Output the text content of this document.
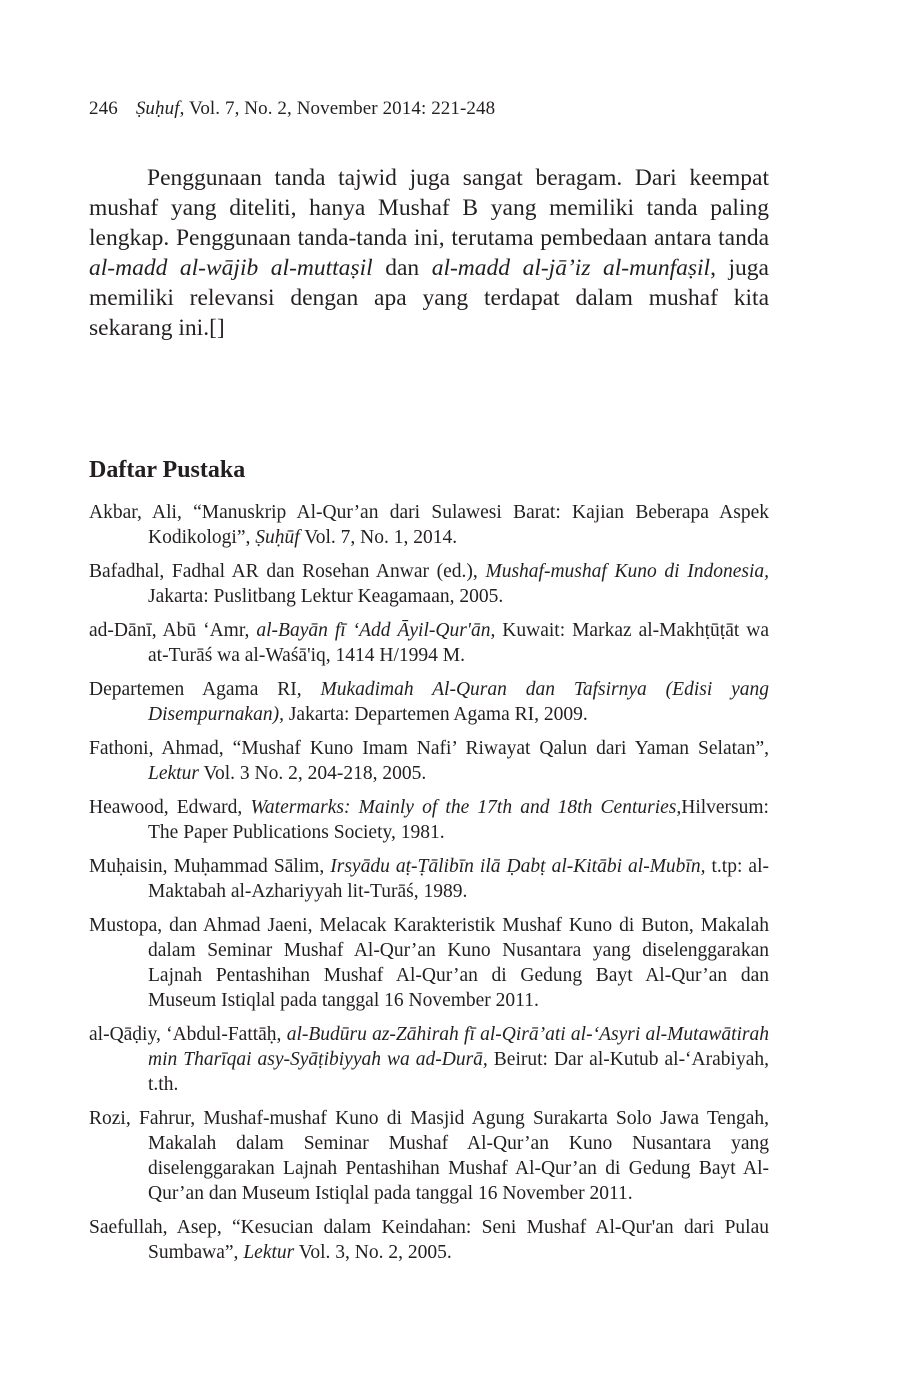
246 Ṣuḥuf, Vol. 7, No. 2, November 2014: 221-248

Penggunaan tanda tajwid juga sangat beragam. Dari keempat mushaf yang diteliti, hanya Mushaf B yang memiliki tanda paling lengkap. Penggunaan tanda-tanda ini, terutama pembedaan antara tanda al-madd al-wājib al-muttaṣil dan al-madd al-jā’iz al-munfaṣil, juga memiliki relevansi dengan apa yang terdapat dalam mushaf kita sekarang ini.[]

Daftar Pustaka
Akbar, Ali, “Manuskrip Al-Qur’an dari Sulawesi Barat: Kajian Beberapa Aspek Kodikologi”, Ṣuḥūf Vol. 7, No. 1, 2014.
Bafadhal, Fadhal AR dan Rosehan Anwar (ed.), Mushaf-mushaf Kuno di Indonesia, Jakarta: Puslitbang Lektur Keagamaan, 2005.
ad-Dānī, Abū ‘Amr, al-Bayān fī ‘Add Āyil-Qur'ān, Kuwait: Markaz al-Makhṭūṭāt wa at-Turāś wa al-Waśā'iq, 1414 H/1994 M.
Departemen Agama RI, Mukadimah Al-Quran dan Tafsirnya (Edisi yang Disempurnakan), Jakarta: Departemen Agama RI, 2009.
Fathoni, Ahmad, “Mushaf Kuno Imam Nafi’ Riwayat Qalun dari Yaman Selatan”, Lektur Vol. 3 No. 2, 204-218, 2005.
Heawood, Edward, Watermarks: Mainly of the 17th and 18th Centuries,Hilversum: The Paper Publications Society, 1981.
Muḥaisin, Muḥammad Sālim, Irsyādu aṭ-Ṭālibīn ilā Ḍabṭ al-Kitābi al-Mubīn, t.tp: al-Maktabah al-Azhariyyah lit-Turāś, 1989.
Mustopa, dan Ahmad Jaeni, Melacak Karakteristik Mushaf Kuno di Buton, Makalah dalam Seminar Mushaf Al-Qur’an Kuno Nusantara yang diselenggarakan Lajnah Pentashihan Mushaf Al-Qur’an di Gedung Bayt Al-Qur’an dan Museum Istiqlal pada tanggal 16 November 2011.
al-Qāḍiy, ‘Abdul-Fattāḥ, al-Budūru az-Zāhirah fī al-Qirā’ati al-‘Asyri al-Mutawātirah min Tharīqai asy-Syāṭibiyyah wa ad-Durā, Beirut: Dar al-Kutub al-‘Arabiyah, t.th.
Rozi, Fahrur, Mushaf-mushaf Kuno di Masjid Agung Surakarta Solo Jawa Tengah, Makalah dalam Seminar Mushaf Al-Qur’an Kuno Nusantara yang diselenggarakan Lajnah Pentashihan Mushaf Al-Qur’an di Gedung Bayt Al-Qur’an dan Museum Istiqlal pada tanggal 16 November 2011.
Saefullah, Asep, “Kesucian dalam Keindahan: Seni Mushaf Al-Qur'an dari Pulau Sumbawa”, Lektur Vol. 3, No. 2, 2005.
